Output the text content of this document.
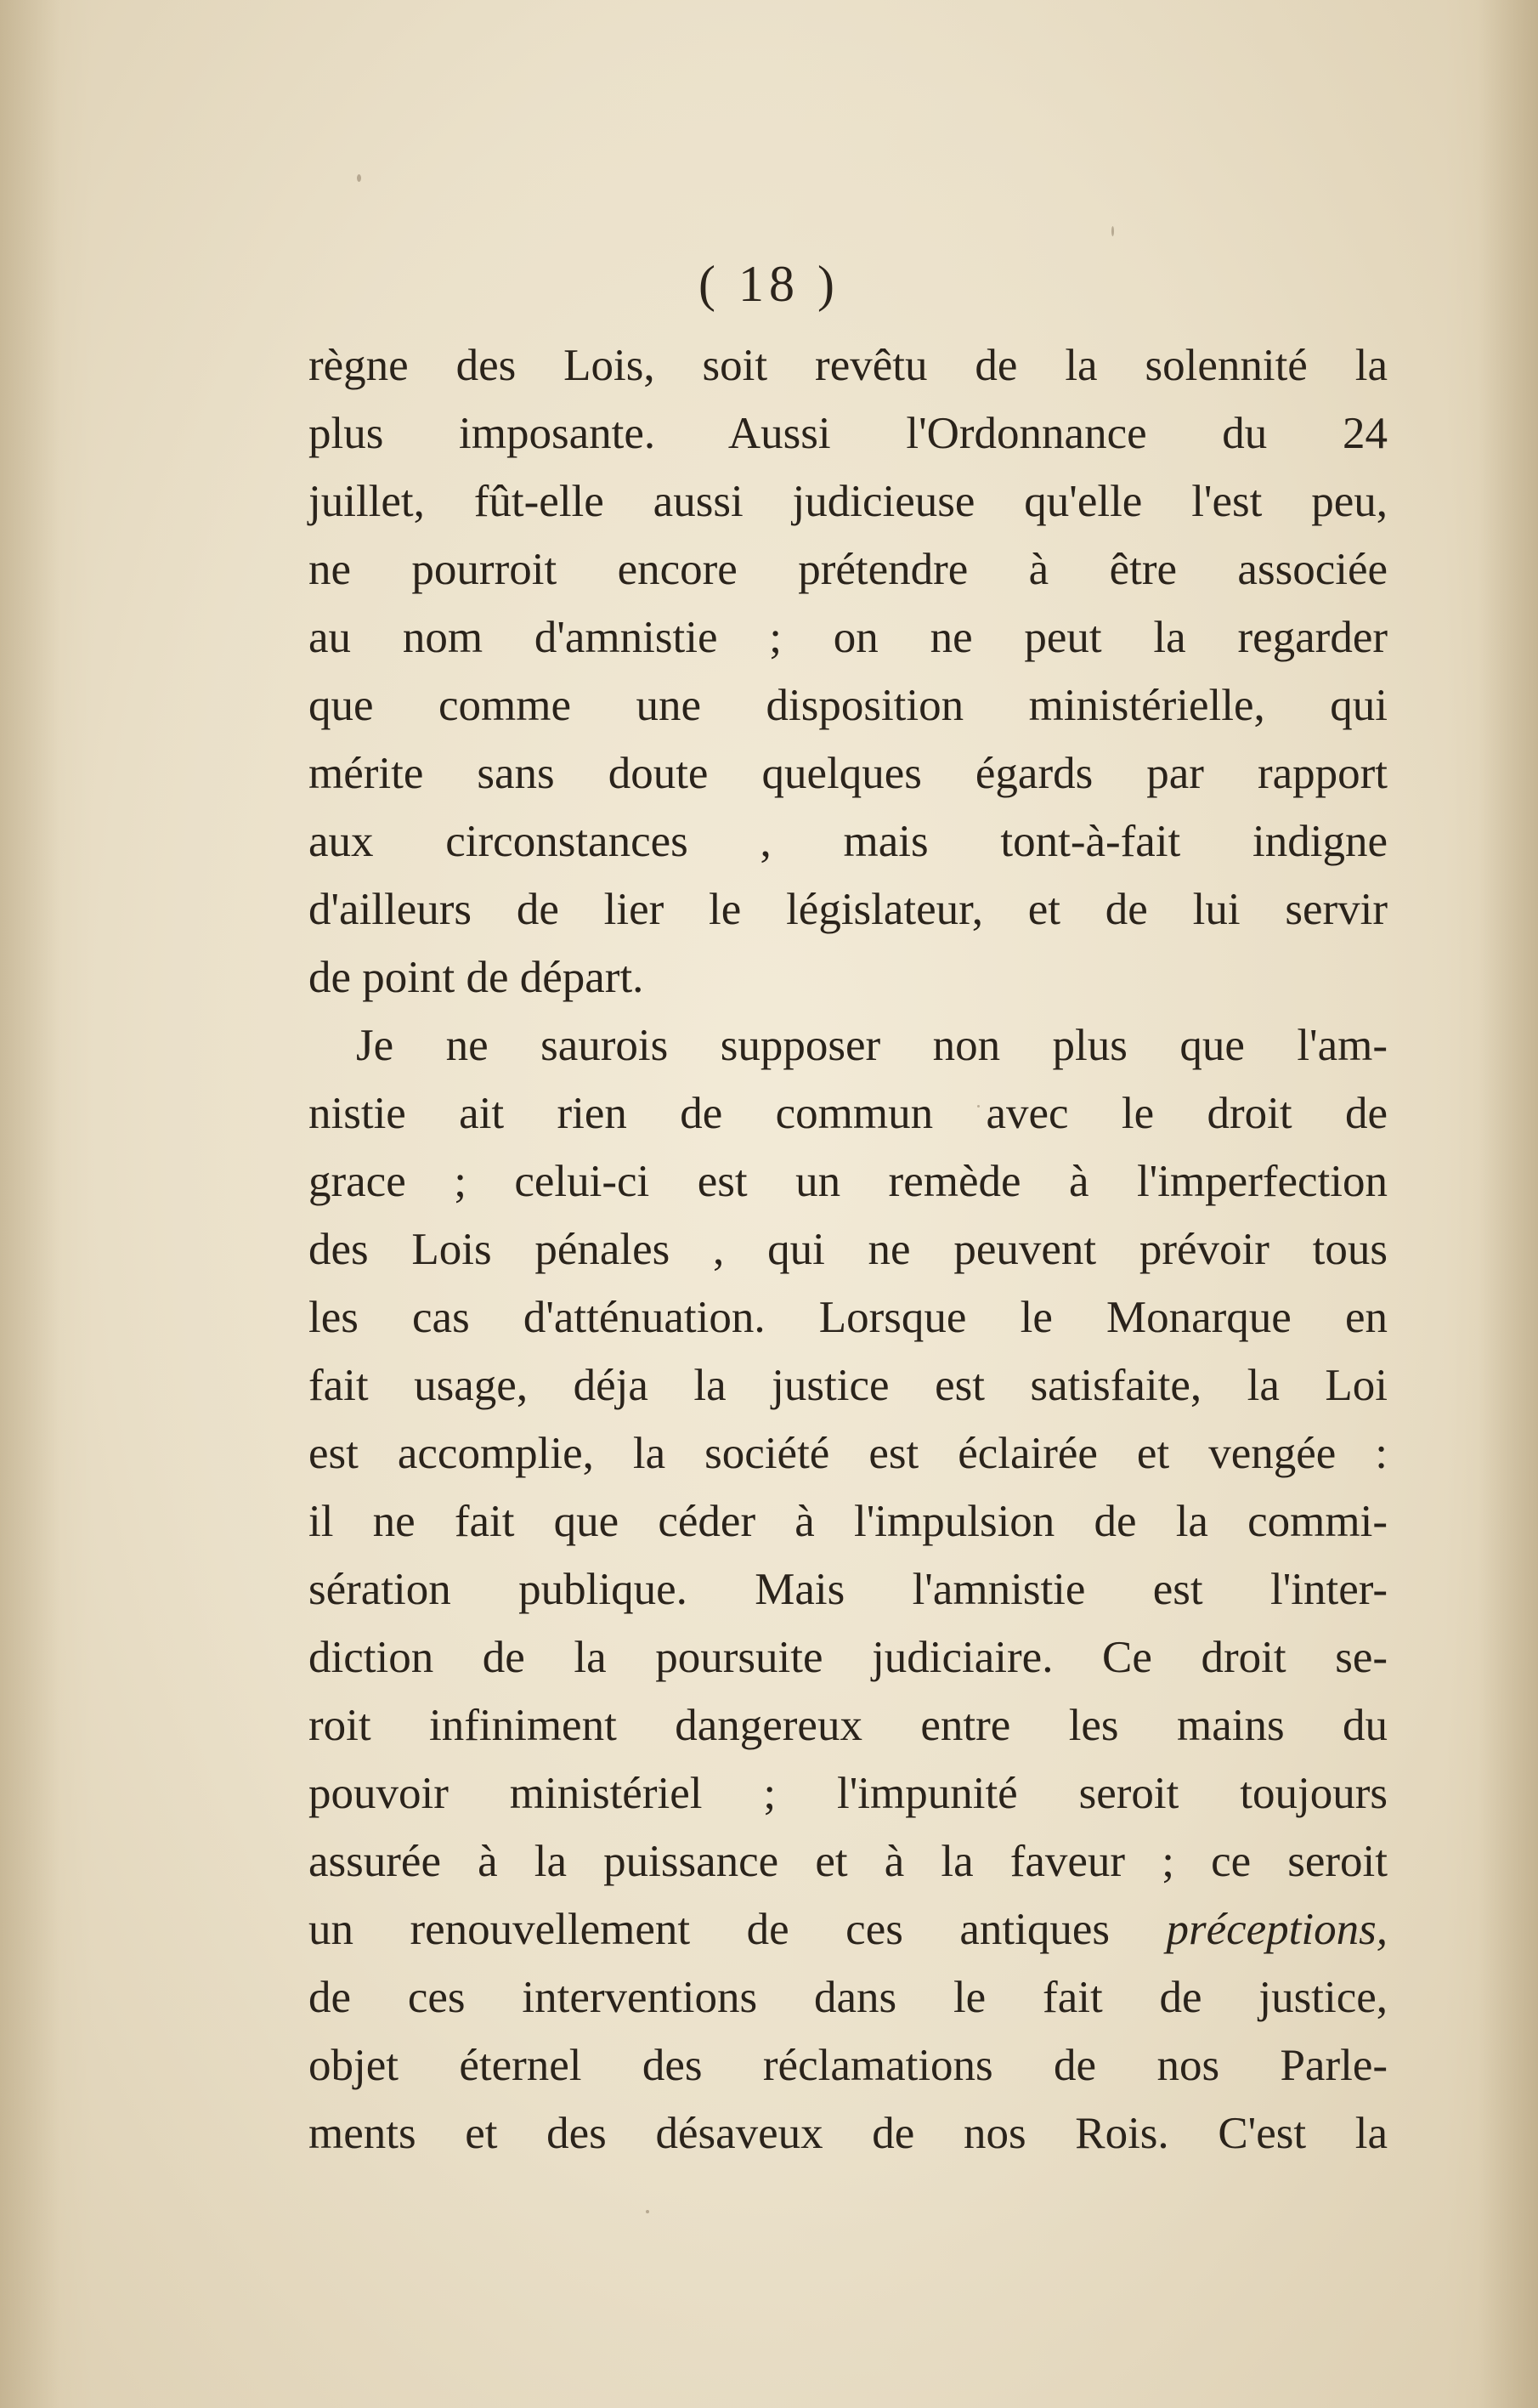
( 18 )
règne des Lois, soit revêtu de la solennité la
plus imposante. Aussi l'Ordonnance du 24
juillet, fût-elle aussi judicieuse qu'elle l'est peu,
ne pourroit encore prétendre à être associée
au nom d'amnistie ; on ne peut la regarder
que comme une disposition ministérielle, qui
mérite sans doute quelques égards par rapport
aux circonstances , mais tont-à-fait indigne
d'ailleurs de lier le législateur, et de lui servir
de point de départ.
Je ne saurois supposer non plus que l'am-
nistie ait rien de commun avec le droit de
grace ; celui-ci est un remède à l'imperfection
des Lois pénales , qui ne peuvent prévoir tous
les cas d'atténuation. Lorsque le Monarque en
fait usage, déja la justice est satisfaite, la Loi
est accomplie, la société est éclairée et vengée :
il ne fait que céder à l'impulsion de la commi-
sération publique. Mais l'amnistie est l'inter-
diction de la poursuite judiciaire. Ce droit se-
roit infiniment dangereux entre les mains du
pouvoir ministériel ; l'impunité seroit toujours
assurée à la puissance et à la faveur ; ce seroit
un renouvellement de ces antiques préceptions,
de ces interventions dans le fait de justice,
objet éternel des réclamations de nos Parle-
ments et des désaveux de nos Rois. C'est la
